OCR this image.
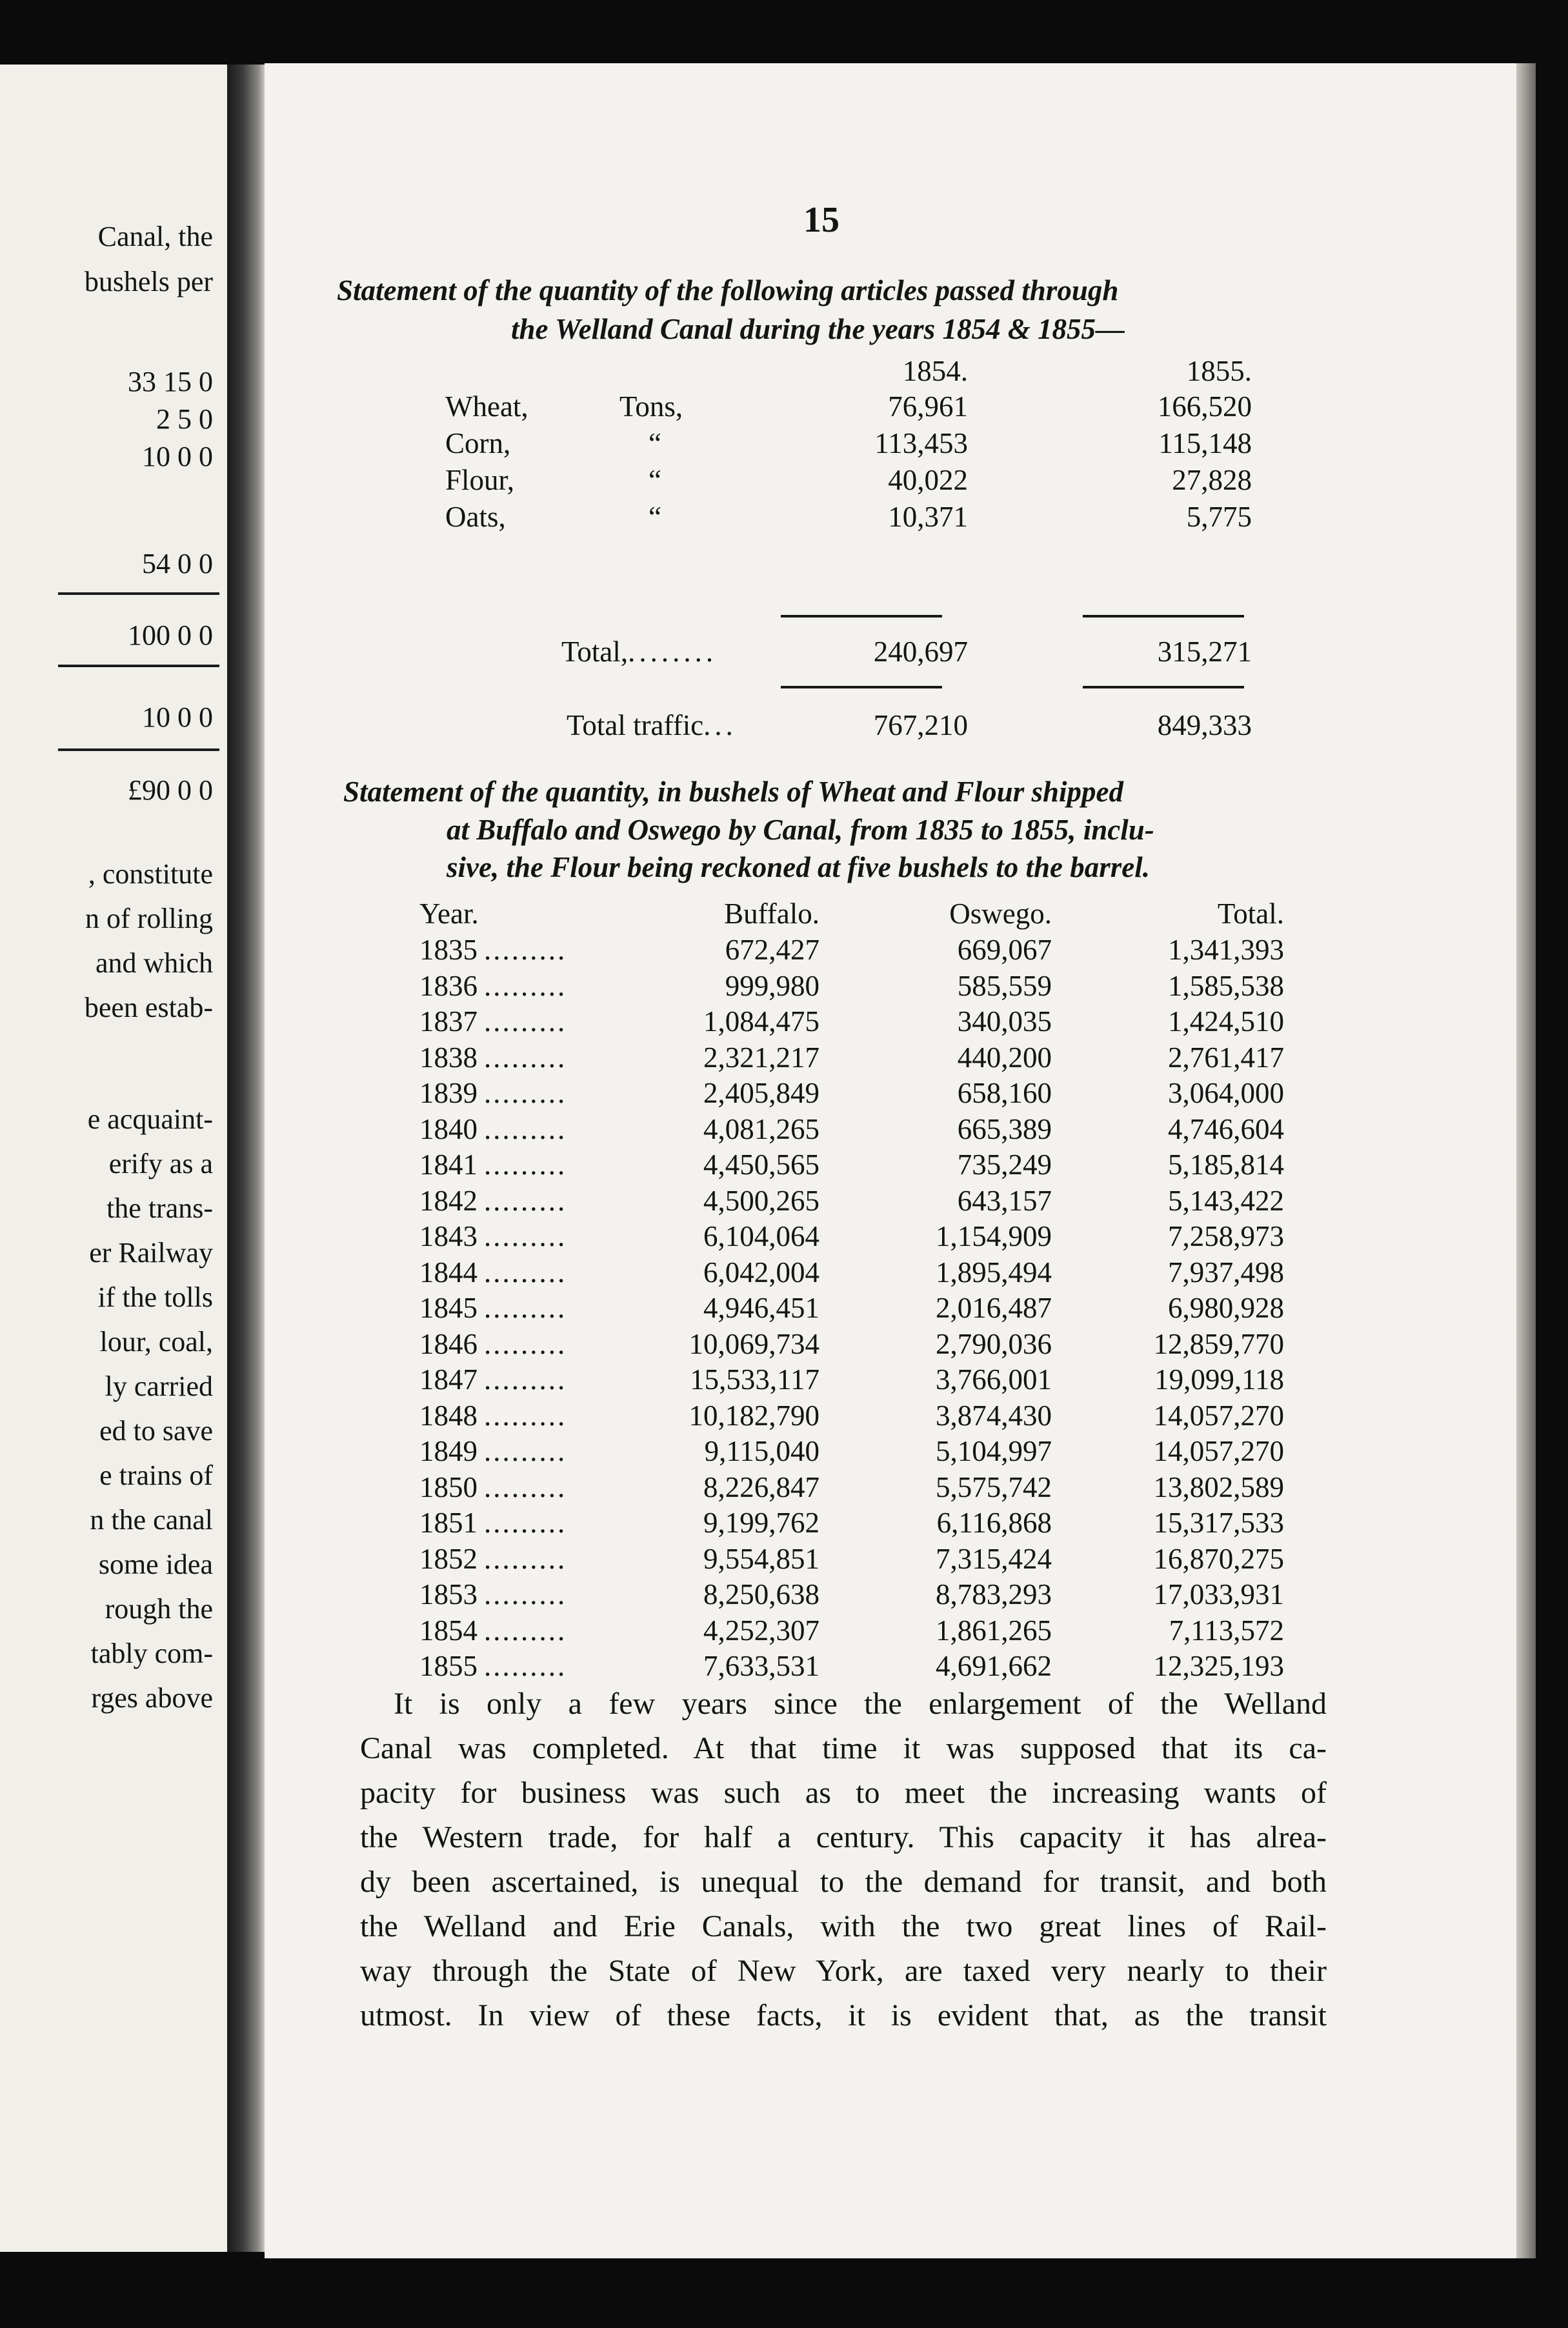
Canal, the
bushels per
33 15 0
2 5 0
10 0 0
54 0 0
100 0 0
10 0 0
£90 0 0
, constitute
n of rolling
and which
been estab-
e acquaint-
erify as a
the trans-
er Railway
if the tolls
lour, coal,
ly carried
ed to save
e trains of
n the canal
some idea
rough the
tably com-
rges above
15
Statement of the quantity of the following articles passed through
the Welland Canal during the years 1854 & 1855—
1854.	1855.
Wheat,	Tons,	76,961	166,520
Corn,	“	113,453	115,148
Flour,	“	40,022	27,828
Oats,	“	10,371	5,775
Total,........	240,697	315,271
Total traffic...	767,210	849,333
Statement of the quantity, in bushels of Wheat and Flour shipped
at Buffalo and Oswego by Canal, from 1835 to 1855, inclu-
sive, the Flour being reckoned at five bushels to the barrel.
Year.	Buffalo.	Oswego.	Total.
1835	672,427	669,067	1,341,393
.........
1836	999,980	585,559	1,585,538
.........
1837	1,084,475	340,035	1,424,510
.........
1838	2,321,217	440,200	2,761,417
.........
1839	2,405,849	658,160	3,064,000
.........
1840	4,081,265	665,389	4,746,604
.........
1841	4,450,565	735,249	5,185,814
.........
1842	4,500,265	643,157	5,143,422
.........
1843	6,104,064	1,154,909	7,258,973
.........
1844	6,042,004	1,895,494	7,937,498
.........
1845	4,946,451	2,016,487	6,980,928
.........
1846	10,069,734	2,790,036	12,859,770
.........
1847	15,533,117	3,766,001	19,099,118
.........
1848	10,182,790	3,874,430	14,057,270
.........
1849	9,115,040	5,104,997	14,057,270
.........
1850	8,226,847	5,575,742	13,802,589
.........
1851	9,199,762	6,116,868	15,317,533
.........
1852	9,554,851	7,315,424	16,870,275
.........
1853	8,250,638	8,783,293	17,033,931
.........
1854	4,252,307	1,861,265	7,113,572
.........
1855	7,633,531	4,691,662	12,325,193
.........
It is only a few years since the enlargement of the Welland
Canal was completed. At that time it was supposed that its ca-
pacity for business was such as to meet the increasing wants of
the Western trade, for half a century. This capacity it has alrea-
dy been ascertained, is unequal to the demand for transit, and both
the Welland and Erie Canals, with the two great lines of Rail-
way through the State of New York, are taxed very nearly to their
utmost. In view of these facts, it is evident that, as the transit
